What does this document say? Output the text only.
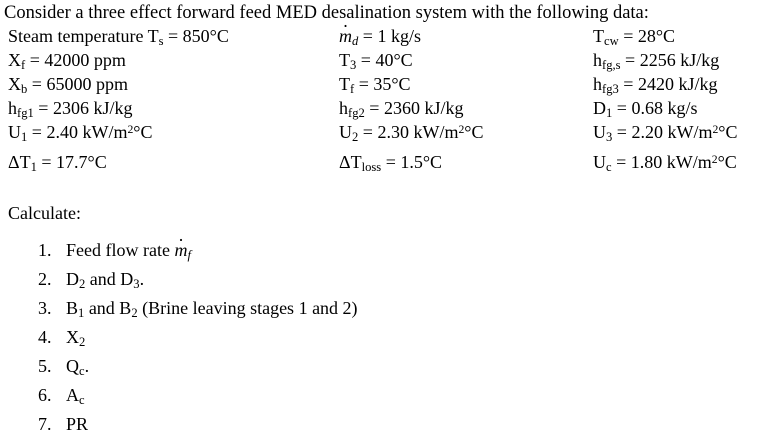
Consider a three effect forward feed MED desalination system with the following data:
Steam temperature $T_s = 850^\circ C$
·	$m_d = 1$ kg/s	$T_{cw} = 28^\circ C$
$X_f = 42000$ ppm	$T_3 = 40^\circ C$	$h_{fg,s} = 2256$ kJ/kg
$X_b = 65000$ ppm	$T_f = 35^\circ C$	$h_{fg3} = 2420$ kJ/kg
$h_{fg1} = 2306$ kJ/kg	$h_{fg2} = 2360$ kJ/kg	$D_1 = 0.68$ kg/s
$U_1 = 2.40$ $kW/m^2^\circ C$	$U_2 = 2.30$ $kW/m^2^\circ C$	$U_3 = 2.20$ $kW/m^2^\circ C$
$\Delta T_1 = 17.7^\circ C$	$\Delta T_{loss} = 1.5^\circ C$	$U_c = 1.80$ $kW/m^2^\circ C$
Calculate:
1. Feed flow rate · $m_f$
2. $D_2$ and $D_3$.
3. $B_1$ and $B_2$ (Brine leaving stages 1 and 2)
4. $X_2$
5. $Q_c$.
6. $A_c$
7. PR
